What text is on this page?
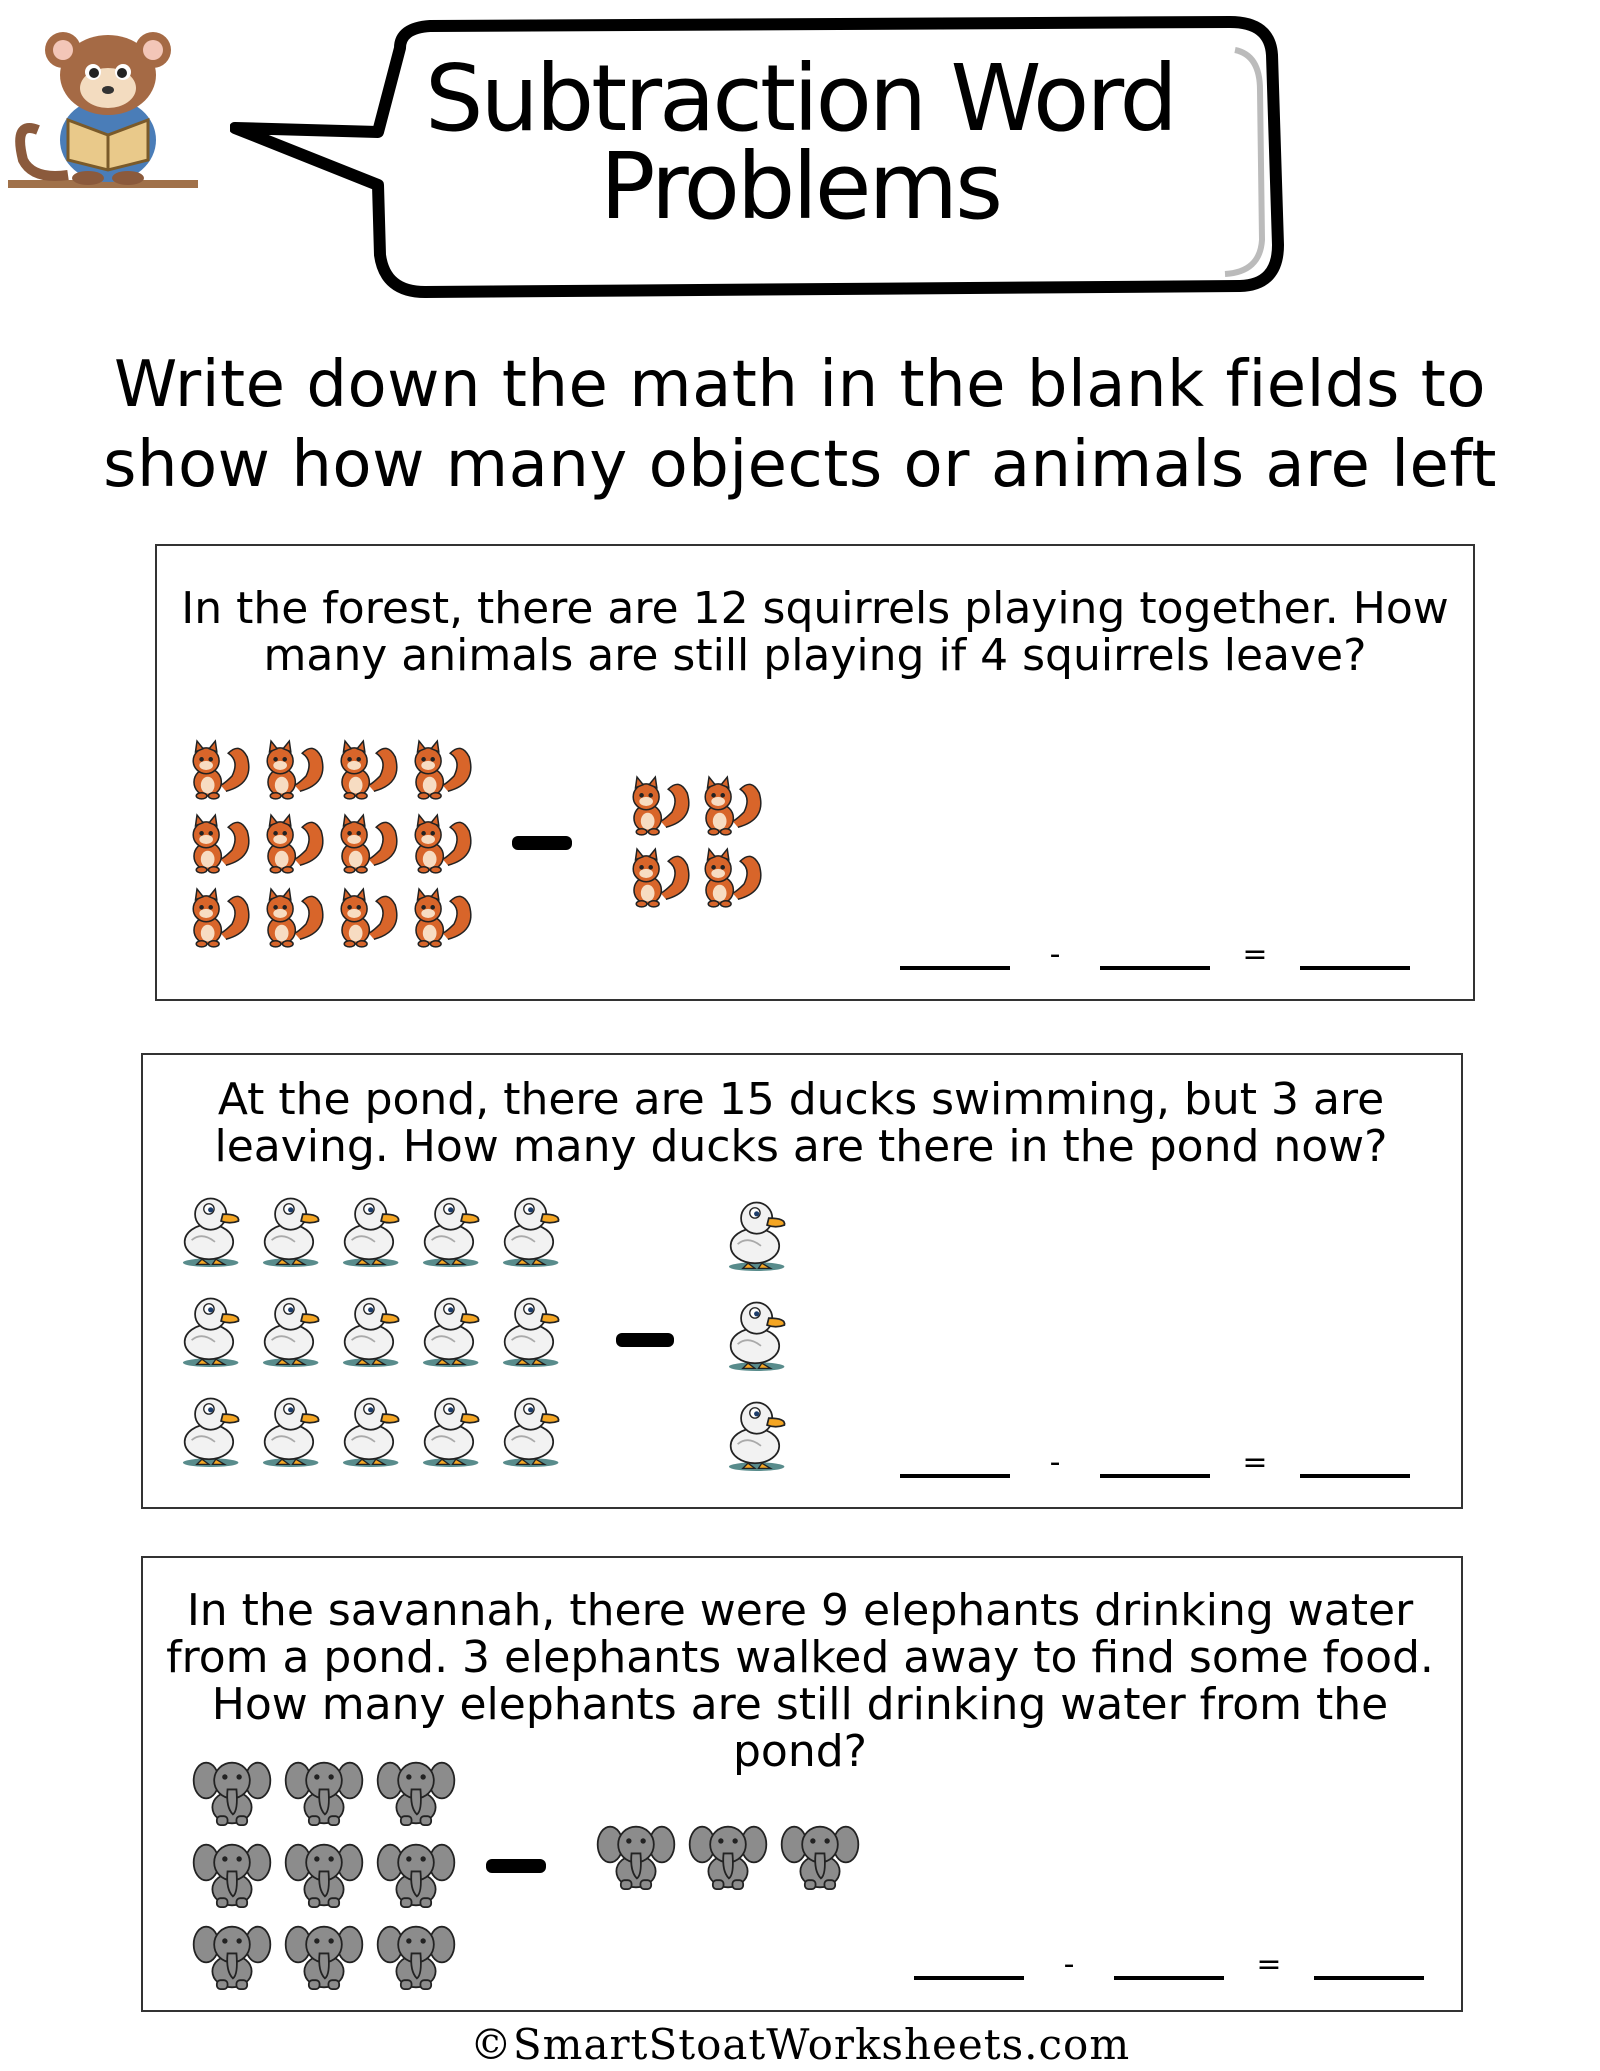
Subtraction Word
Problems
Write down the math in the blank fields to show how many objects or animals are left
In the forest, there are 12 squirrels playing together. How many animals are still playing if 4 squirrels leave?
At the pond, there are 15 ducks swimming, but 3 are leaving. How many ducks are there in the pond now?
In the savannah, there were 9 elephants drinking water from a pond. 3 elephants walked away to find some food. How many elephants are still drinking water from the pond?
-	=
-	=
-	=
©SmartStoatWorksheets.com
